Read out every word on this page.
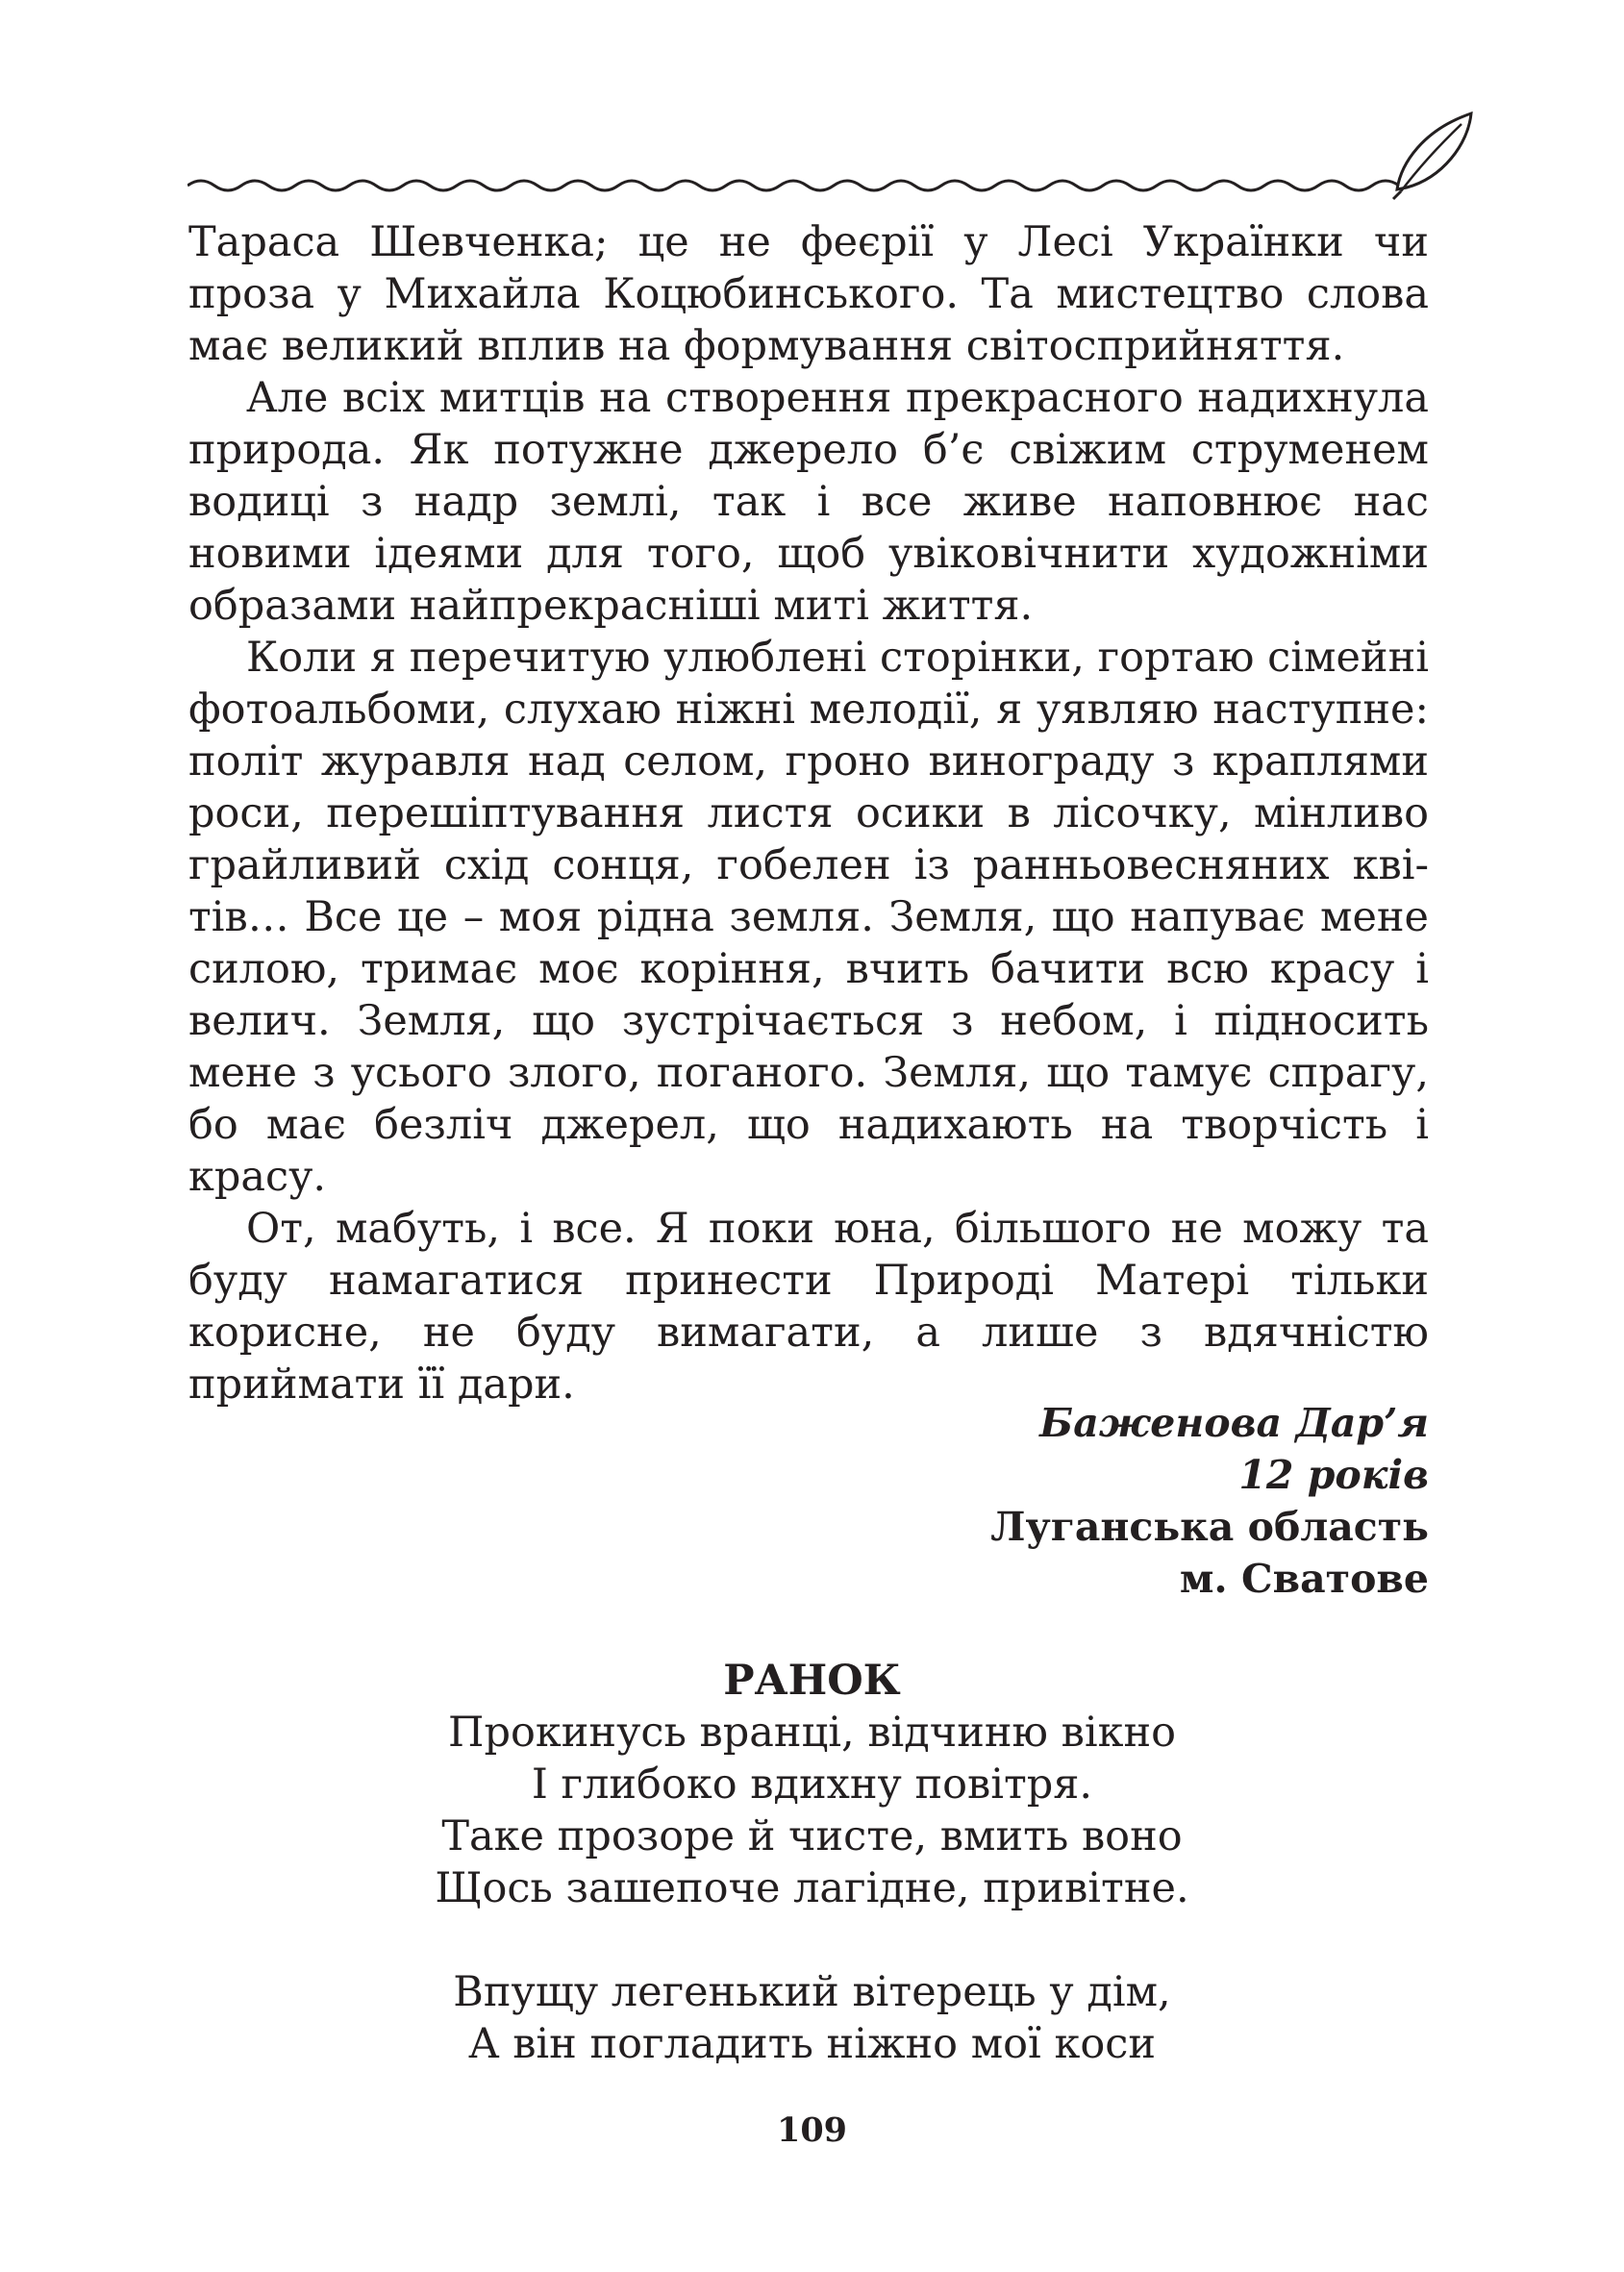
Тараса Шевченка; це не феєрії у Лесі Українки чи проза у Михайла Коцюбинського. Та мистецтво слова має великий вплив на формування світосприйняття.

Але всіх митців на створення прекрасного надихнула природа. Як потужне джерело б’є свіжим струменем водиці з надр землі, так і все живе наповнює нас новими ідеями для того, щоб увіковічнити художніми образами найпрекрасніші миті життя.

Коли я перечитую улюблені сторінки, гортаю сімейні фотоальбоми, слухаю ніжні мелодії, я уявляю наступне: політ журавля над селом, гроно винограду з краплями роси, перешіптування листя осики в лісочку, мінливо грайливий схід сонця, гобелен із ранньовесняних квітів… Все це – моя рідна земля. Земля, що напуває мене силою, тримає моє коріння, вчить бачити всю красу і велич. Земля, що зустрічається з небом, і підносить мене з усього злого, поганого. Земля, що тамує спрагу, бо має безліч джерел, що надихають на творчість і красу.

От, мабуть, і все. Я поки юна, більшого не можу та буду намагатися принести Природі Матері тільки корисне, не буду вимагати, а лише з вдячністю приймати її дари.

Баженова Дар’я
12 років
Луганська область
м. Сватове
РАНОК
Прокинусь вранці, відчиню вікно
І глибоко вдихну повітря.
Таке прозоре й чисте, вмить воно
Щось зашепоче лагідне, привітне.
Впущу легенький вітерець у дім,
А він погладить ніжно мої коси
109
